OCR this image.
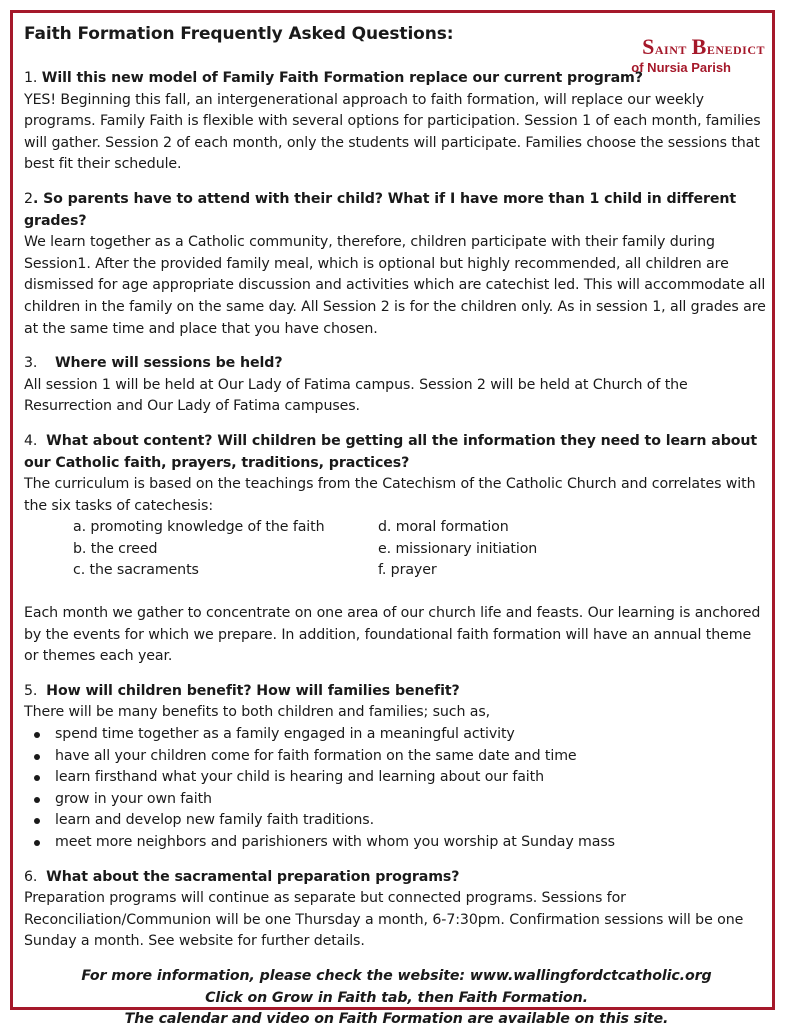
Saint Benedict
of Nursia Parish
Faith Formation Frequently Asked Questions:

1. Will this new model of Family Faith Formation replace our current program?

YES! Beginning this fall, an intergenerational approach to faith formation, will replace our weekly programs. Family Faith is flexible with several options for participation. Session 1 of each month, families will gather. Session 2 of each month, only the students will participate. Families choose the sessions that best fit their schedule.

2. So parents have to attend with their child? What if I have more than 1 child in different grades?

We learn together as a Catholic community, therefore, children participate with their family during Session1. After the provided family meal, which is optional but highly recommended, all children are dismissed for age appropriate discussion and activities which are catechist led. This will accommodate all children in the family on the same day. All Session 2 is for the children only. As in session 1, all grades are at the same time and place that you have chosen.

3. Where will sessions be held?

All session 1 will be held at Our Lady of Fatima campus. Session 2 will be held at Church of the Resurrection and Our Lady of Fatima campuses.

4. What about content? Will children be getting all the information they need to learn about our Catholic faith, prayers, traditions, practices?

The curriculum is based on the teachings from the Catechism of the Catholic Church and correlates with the six tasks of catechesis:

a. promoting knowledge of the faith	d. moral formation
b. the creed	e. missionary initiation
c. the sacraments	f. prayer

Each month we gather to concentrate on one area of our church life and feasts. Our learning is anchored by the events for which we prepare. In addition, foundational faith formation will have an annual theme or themes each year.

5. How will children benefit? How will families benefit?

There will be many benefits to both children and families; such as,

spend time together as a family engaged in a meaningful activity
have all your children come for faith formation on the same date and time
learn firsthand what your child is hearing and learning about our faith
grow in your own faith
learn and develop new family faith traditions.
meet more neighbors and parishioners with whom you worship at Sunday mass

6. What about the sacramental preparation programs?

Preparation programs will continue as separate but connected programs. Sessions for Reconciliation/Communion will be one Thursday a month, 6-7:30pm. Confirmation sessions will be one Sunday a month. See website for further details.

For more information, please check the website: www.wallingfordctcatholic.org
Click on Grow in Faith tab, then Faith Formation.
The calendar and video on Faith Formation are available on this site.
